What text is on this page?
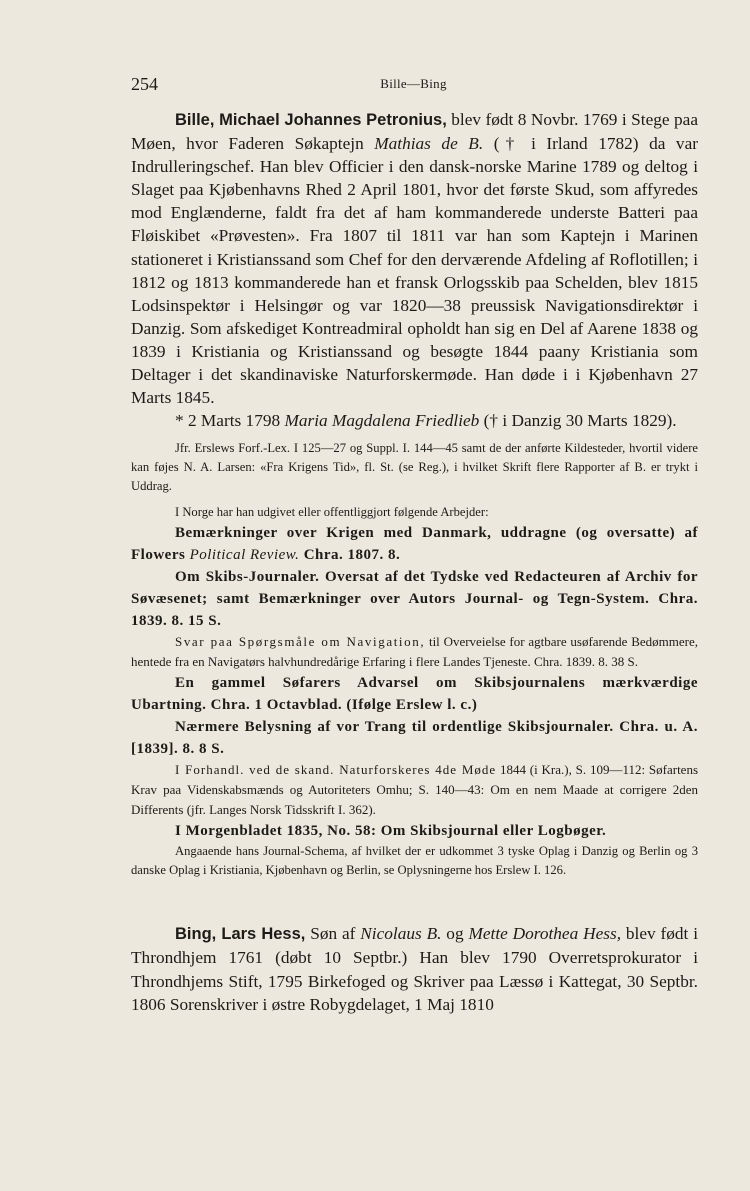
254	Bille—Bing

Bille, Michael Johannes Petronius, blev født 8 Novbr. 1769 i Stege paa Møen, hvor Faderen Søkaptejn Mathias de B. († i Irland 1782) da var Indrulleringschef. Han blev Officier i den dansk-norske Marine 1789 og deltog i Slaget paa Kjøbenhavns Rhed 2 April 1801, hvor det første Skud, som affyredes mod Englænderne, faldt fra det af ham kommanderede underste Batteri paa Fløiskibet «Prøvesten». Fra 1807 til 1811 var han som Kaptejn i Marinen stationeret i Kristianssand som Chef for den derværende Afdeling af Roflotillen; i 1812 og 1813 kommanderede han et fransk Orlogsskib paa Schelden, blev 1815 Lodsinspektør i Helsingør og var 1820—38 preussisk Navigationsdirektør i Danzig. Som afskediget Kontreadmiral opholdt han sig en Del af Aarene 1838 og 1839 i Kristiania og Kristianssand og besøgte 1844 paany Kristiania som Deltager i det skandinaviske Naturforskermøde. Han døde i i Kjøbenhavn 27 Marts 1845.

* 2 Marts 1798 Maria Magdalena Friedlieb († i Danzig 30 Marts 1829).

Jfr. Erslews Forf.-Lex. I 125—27 og Suppl. I. 144—45 samt de der anførte Kildesteder, hvortil videre kan føjes N. A. Larsen: «Fra Krigens Tid», fl. St. (se Reg.), i hvilket Skrift flere Rapporter af B. er trykt i Uddrag.

I Norge har han udgivet eller offentliggjort følgende Arbejder:

Bemærkninger over Krigen med Danmark, uddragne (og oversatte) af Flowers Political Review. Chra. 1807. 8.

Om Skibs-Journaler. Oversat af det Tydske ved Redacteuren af Archiv for Søvæsenet; samt Bemærkninger over Autors Journal- og Tegn-System. Chra. 1839. 8. 15 S.

Svar paa Spørgsmåle om Navigation, til Overveielse for agtbare usøfarende Bedømmere, hentede fra en Navigatørs halvhundredårige Erfaring i flere Landes Tjeneste. Chra. 1839. 8. 38 S.

En gammel Søfarers Advarsel om Skibsjournalens mærkværdige Ubartning. Chra. 1 Octavblad. (Ifølge Erslew l. c.)

Nærmere Belysning af vor Trang til ordentlige Skibsjournaler. Chra. u. A. [1839]. 8. 8 S.

I Forhandl. ved de skand. Naturforskeres 4de Møde 1844 (i Kra.), S. 109—112: Søfartens Krav paa Videnskabsmænds og Autoriteters Omhu; S. 140—43: Om en nem Maade at corrigere 2den Differents (jfr. Langes Norsk Tidsskrift I. 362).

I Morgenbladet 1835, No. 58: Om Skibsjournal eller Logbøger.

Angaaende hans Journal-Schema, af hvilket der er udkommet 3 tyske Oplag i Danzig og Berlin og 3 danske Oplag i Kristiania, Kjøbenhavn og Berlin, se Oplysningerne hos Erslew I. 126.

Bing, Lars Hess, Søn af Nicolaus B. og Mette Dorothea Hess, blev født i Throndhjem 1761 (døbt 10 Septbr.) Han blev 1790 Overretsprokurator i Throndhjems Stift, 1795 Birkefoged og Skriver paa Læssø i Kattegat, 30 Septbr. 1806 Sorenskriver i østre Robygdelaget, 1 Maj 1810
